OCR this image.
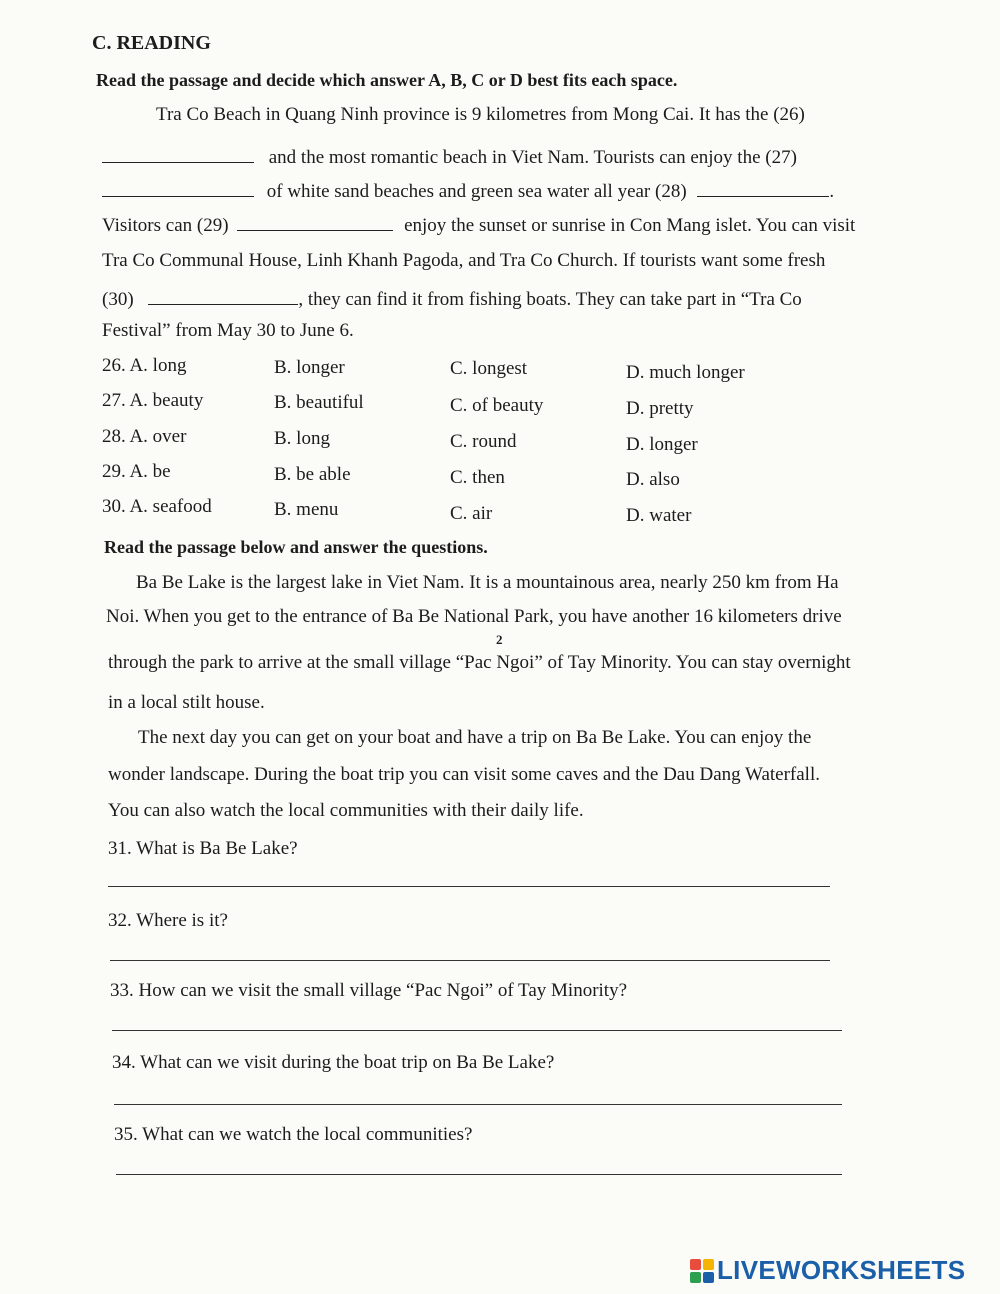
C. READING
Read the passage and decide which answer A, B, C or D best fits each space.
Tra Co Beach in Quang Ninh province is 9 kilometres from Mong Cai. It has the (26)
and the most romantic beach in Viet Nam. Tourists can enjoy the (27)
of white sand beaches and green sea water all year (28)	.
Visitors can (29)	enjoy the sunset or sunrise in Con Mang islet. You can visit
Tra Co Communal House, Linh Khanh Pagoda, and Tra Co Church. If tourists want some fresh
(30)	, they can find it from fishing boats. They can take part in “Tra Co
Festival” from May 30 to June 6.
26. A. long	B. longer	C. longest	D. much longer
27. A. beauty	B. beautiful	C. of beauty	D. pretty
28. A. over	B. long	C. round	D. longer
29. A. be	B. be able	C. then	D. also
30. A. seafood	B. menu	C. air	D. water
Read the passage below and answer the questions.
Ba Be Lake is the largest lake in Viet Nam. It is a mountainous area, nearly 250 km from Ha
Noi. When you get to the entrance of Ba Be National Park, you have another 16 kilometers drive
2
through the park to arrive at the small village “Pac Ngoi” of Tay Minority. You can stay overnight
in a local stilt house.
The next day you can get on your boat and have a trip on Ba Be Lake. You can enjoy the
wonder landscape. During the boat trip you can visit some caves and the Dau Dang Waterfall.
You can also watch the local communities with their daily life.
31. What is Ba Be Lake?
32. Where is it?
33. How can we visit the small village “Pac Ngoi” of Tay Minority?
34. What can we visit during the boat trip on Ba Be Lake?
35. What can we watch the local communities?
LIVEWORKSHEETS
